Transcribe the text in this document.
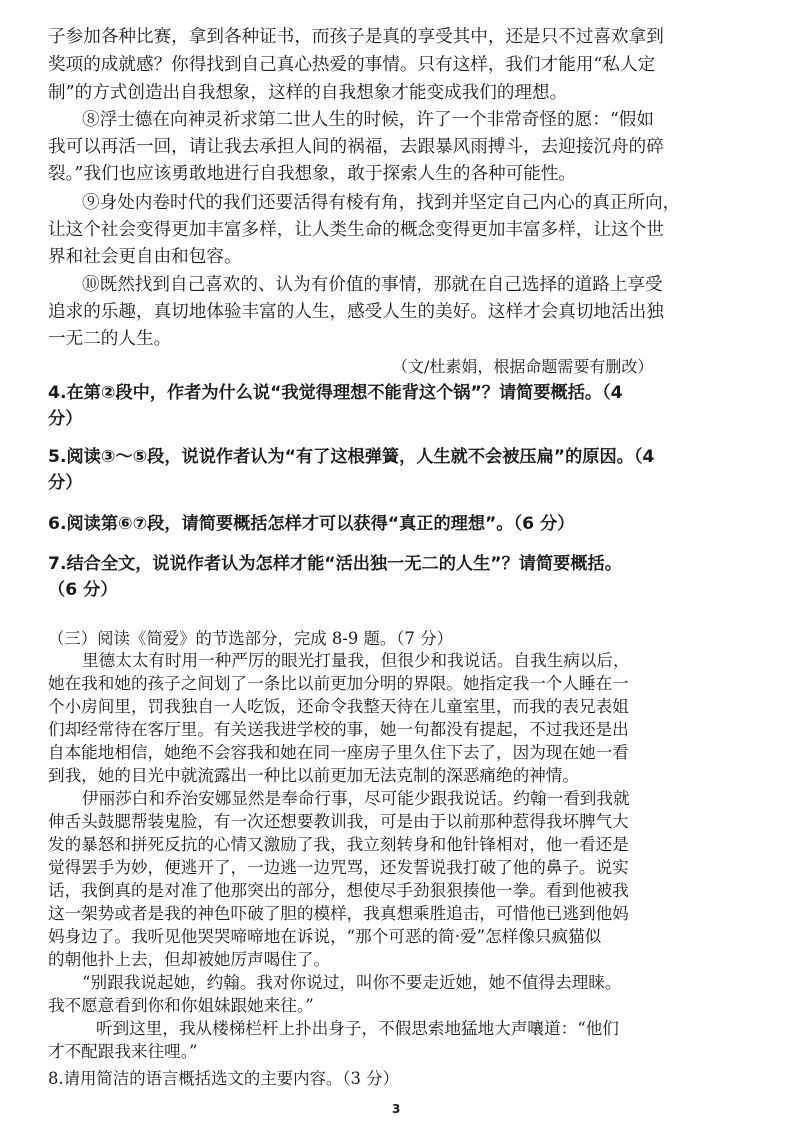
子参加各种比赛，拿到各种证书，而孩子是真的享受其中，还是只不过喜欢拿到
奖项的成就感？你得找到自己真心热爱的事情。只有这样，我们才能用“私人定
制”的方式创造出自我想象，这样的自我想象才能变成我们的理想。
⑧浮士德在向神灵祈求第二世人生的时候，许了一个非常奇怪的愿：“假如
我可以再活一回，请让我去承担人间的祸福，去跟暴风雨搏斗，去迎接沉舟的碎
裂。”我们也应该勇敢地进行自我想象，敢于探索人生的各种可能性。
⑨身处内卷时代的我们还要活得有棱有角，找到并坚定自己内心的真正所向，
让这个社会变得更加丰富多样，让人类生命的概念变得更加丰富多样，让这个世
界和社会更自由和包容。
⑩既然找到自己喜欢的、认为有价值的事情，那就在自己选择的道路上享受
追求的乐趣，真切地体验丰富的人生，感受人生的美好。这样才会真切地活出独
一无二的人生。
（文/杜素娟，根据命题需要有删改）
4.在第②段中，作者为什么说“我觉得理想不能背这个锅”？请简要概括。（4
分）
5.阅读③～⑤段，说说作者认为“有了这根弹簧，人生就不会被压扁”的原因。（4
分）
6.阅读第⑥⑦段，请简要概括怎样才可以获得“真正的理想”。（6 分）
7.结合全文，说说作者认为怎样才能“活出独一无二的人生”？请简要概括。
（6 分）
（三）阅读《简爱》的节选部分，完成 8-9 题。（7 分）
里德太太有时用一种严厉的眼光打量我，但很少和我说话。自我生病以后，
她在我和她的孩子之间划了一条比以前更加分明的界限。她指定我一个人睡在一
个小房间里，罚我独自一人吃饭，还命令我整天待在儿童室里，而我的表兄表姐
们却经常待在客厅里。有关送我进学校的事，她一句都没有提起，不过我还是出
自本能地相信，她绝不会容我和她在同一座房子里久住下去了，因为现在她一看
到我，她的目光中就流露出一种比以前更加无法克制的深恶痛绝的神情。
伊丽莎白和乔治安娜显然是奉命行事，尽可能少跟我说话。约翰一看到我就
伸舌头鼓腮帮装鬼脸，有一次还想要教训我，可是由于以前那种惹得我坏脾气大
发的暴怒和拼死反抗的心情又激励了我，我立刻转身和他针锋相对，他一看还是
觉得罢手为妙，便逃开了，一边逃一边咒骂，还发誓说我打破了他的鼻子。说实
话，我倒真的是对准了他那突出的部分，想使尽手劲狠狠揍他一拳。看到他被我
这一架势或者是我的神色吓破了胆的模样，我真想乘胜追击，可惜他已逃到他妈
妈身边了。我听见他哭哭啼啼地在诉说，“那个可恶的简·爱”怎样像只疯猫似
的朝他扑上去，但却被她厉声喝住了。
“别跟我说起她，约翰。我对你说过，叫你不要走近她，她不值得去理睐。
我不愿意看到你和你姐妹跟她来往。”
听到这里，我从楼梯栏杆上扑出身子，不假思索地猛地大声嚷道：“他们
才不配跟我来往哩。”
8.请用简洁的语言概括选文的主要内容。（3 分）
3
